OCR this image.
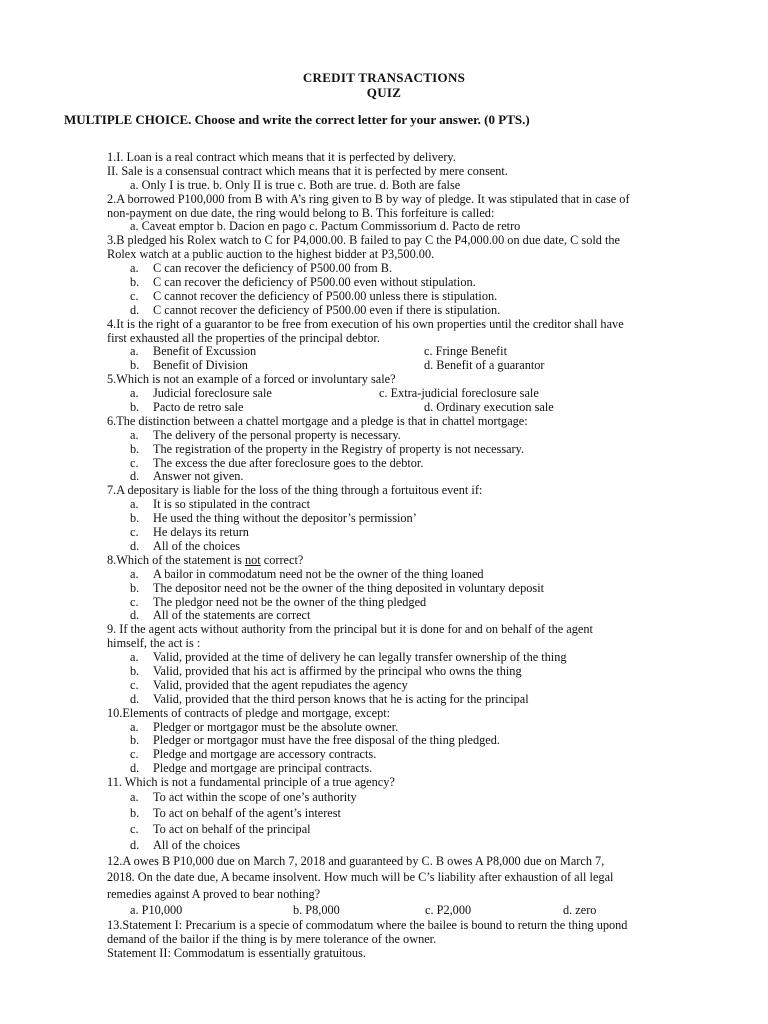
CREDIT TRANSACTIONS
QUIZ
MULTIPLE CHOICE. Choose and write the correct letter for your answer. (0 PTS.)
1.I. Loan is a real contract which means that it is perfected by delivery.
II. Sale is a consensual contract which means that it is perfected by mere consent.
a. Only I is true. b. Only II is true c. Both are true. d. Both are false
2.A borrowed P100,000 from B with A’s ring given to B by way of pledge. It was stipulated that in case of
non-payment on due date, the ring would belong to B. This forfeiture is called:
a. Caveat emptor b. Dacion en pago c. Pactum Commissorium d. Pacto de retro
3.B pledged his Rolex watch to C for P4,000.00. B failed to pay C the P4,000.00 on due date, C sold the
Rolex watch at a public auction to the highest bidder at P3,500.00.
a. C can recover the deficiency of P500.00 from B.
b. C can recover the deficiency of P500.00 even without stipulation.
c. C cannot recover the deficiency of P500.00 unless there is stipulation.
d. C cannot recover the deficiency of P500.00 even if there is stipulation.
4.It is the right of a guarantor to be free from execution of his own properties until the creditor shall have
first exhausted all the properties of the principal debtor.
a. Benefit of Excussion	c. Fringe Benefit
b. Benefit of Division	d. Benefit of a guarantor
5.Which is not an example of a forced or involuntary sale?
a. Judicial foreclosure sale	c. Extra-judicial foreclosure sale
b. Pacto de retro sale	d. Ordinary execution sale
6.The distinction between a chattel mortgage and a pledge is that in chattel mortgage:
a. The delivery of the personal property is necessary.
b. The registration of the property in the Registry of property is not necessary.
c. The excess the due after foreclosure goes to the debtor.
d. Answer not given.
7.A depositary is liable for the loss of the thing through a fortuitous event if:
a. It is so stipulated in the contract
b. He used the thing without the depositor’s permission’
c. He delays its return
d. All of the choices
8.Which of the statement is not correct?
a. A bailor in commodatum need not be the owner of the thing loaned
b. The depositor need not be the owner of the thing deposited in voluntary deposit
c. The pledgor need not be the owner of the thing pledged
d. All of the statements are correct
9. If the agent acts without authority from the principal but it is done for and on behalf of the agent
himself, the act is :
a. Valid, provided at the time of delivery he can legally transfer ownership of the thing
b. Valid, provided that his act is affirmed by the principal who owns the thing
c. Valid, provided that the agent repudiates the agency
d. Valid, provided that the third person knows that he is acting for the principal
10.Elements of contracts of pledge and mortgage, except:
a. Pledger or mortgagor must be the absolute owner.
b. Pledger or mortgagor must have the free disposal of the thing pledged.
c. Pledge and mortgage are accessory contracts.
d. Pledge and mortgage are principal contracts.
11. Which is not a fundamental principle of a true agency?
a. To act within the scope of one’s authority
b. To act on behalf of the agent’s interest
c. To act on behalf of the principal
d. All of the choices
12.A owes B P10,000 due on March 7, 2018 and guaranteed by C. B owes A P8,000 due on March 7,
2018. On the date due, A became insolvent. How much will be C’s liability after exhaustion of all legal
remedies against A proved to bear nothing?
a. P10,000	b. P8,000	c. P2,000	d. zero
13.Statement I: Precarium is a specie of commodatum where the bailee is bound to return the thing upond
demand of the bailor if the thing is by mere tolerance of the owner.
Statement II: Commodatum is essentially gratuitous.
